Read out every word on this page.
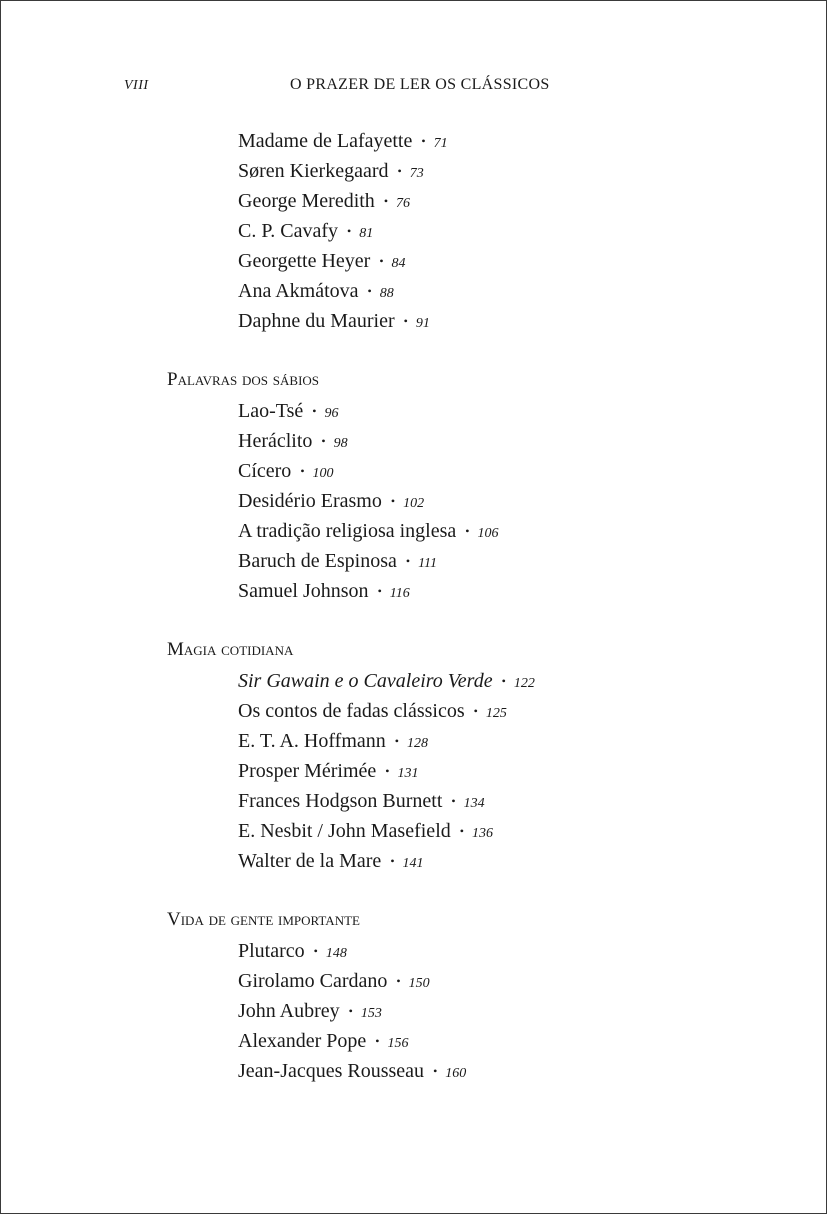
VIII	O PRAZER DE LER OS CLÁSSICOS
Madame de Lafayette • 71
Søren Kierkegaard • 73
George Meredith • 76
C. P. Cavafy • 81
Georgette Heyer • 84
Ana Akmátova • 88
Daphne du Maurier • 91
Palavras dos sábios
Lao-Tsé • 96
Heráclito • 98
Cícero • 100
Desidério Erasmo • 102
A tradição religiosa inglesa • 106
Baruch de Espinosa • 111
Samuel Johnson • 116
Magia cotidiana
Sir Gawain e o Cavaleiro Verde • 122
Os contos de fadas clássicos • 125
E. T. A. Hoffmann • 128
Prosper Mérimée • 131
Frances Hodgson Burnett • 134
E. Nesbit / John Masefield • 136
Walter de la Mare • 141
Vida de gente importante
Plutarco • 148
Girolamo Cardano • 150
John Aubrey • 153
Alexander Pope • 156
Jean-Jacques Rousseau • 160
